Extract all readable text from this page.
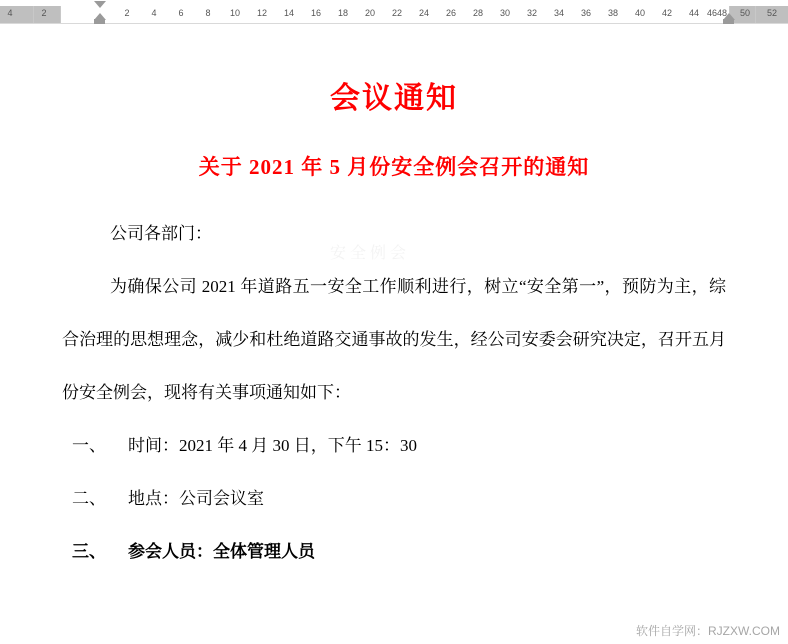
4	2	2 4 6 8 10 12 14 16 18 20 22 24 26 28 30 32 34 36 38 40 42 44 46 48 50 52
安全例会
会议通知
关于 2021 年 5 月份安全例会召开的通知

公司各部门：

为确保公司 2021 年道路五一安全工作顺利进行，树立“安全第一”，预防为主，综合治理的思想理念，减少和杜绝道路交通事故的发生，经公司安委会研究决定，召开五月份安全例会，现将有关事项通知如下：

一、 时间：2021 年 4 月 30 日，下午 15：30
二、 地点：公司会议室
三、 参会人员：全体管理人员
软件自学网：RJZXW.COM
